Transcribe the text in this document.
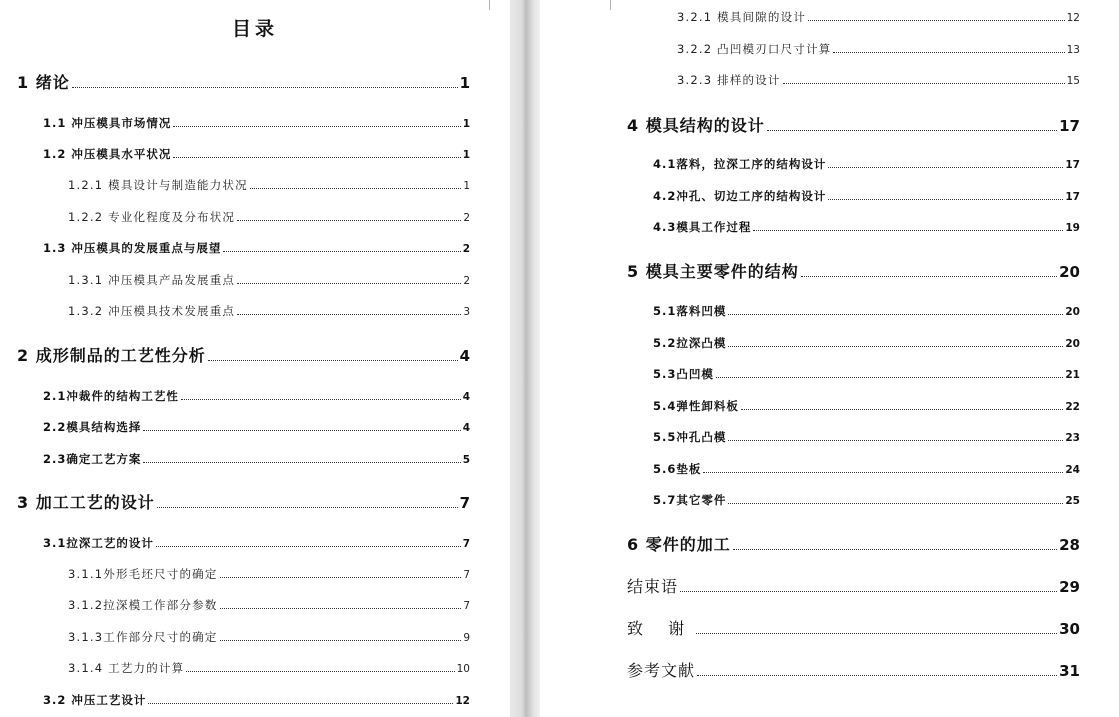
目录
1 绪论	1
1.1 冲压模具市场情况	1
1.2 冲压模具水平状况	1
1.2.1 模具设计与制造能力状况	1
1.2.2 专业化程度及分布状况	2
1.3 冲压模具的发展重点与展望	2
1.3.1 冲压模具产品发展重点	2
1.3.2 冲压模具技术发展重点	3
2 成形制品的工艺性分析	4
2.1冲裁件的结构工艺性	4
2.2模具结构选择	4
2.3确定工艺方案	5
3 加工工艺的设计	7
3.1拉深工艺的设计	7
3.1.1外形毛坯尺寸的确定	7
3.1.2拉深模工作部分参数	7
3.1.3工作部分尺寸的确定	9
3.1.4 工艺力的计算	10
3.2 冲压工艺设计	12
3.2.1 模具间隙的设计	12
3.2.2 凸凹模刃口尺寸计算	13
3.2.3 排样的设计	15
4 模具结构的设计	17
4.1落料，拉深工序的结构设计	17
4.2冲孔、切边工序的结构设计	17
4.3模具工作过程	19
5 模具主要零件的结构	20
5.1落料凹模	20
5.2拉深凸模	20
5.3凸凹模	21
5.4弹性卸料板	22
5.5冲孔凸模	23
5.6垫板	24
5.7其它零件	25
6 零件的加工	28
结束语	29
致 谢	30
参考文献	31
